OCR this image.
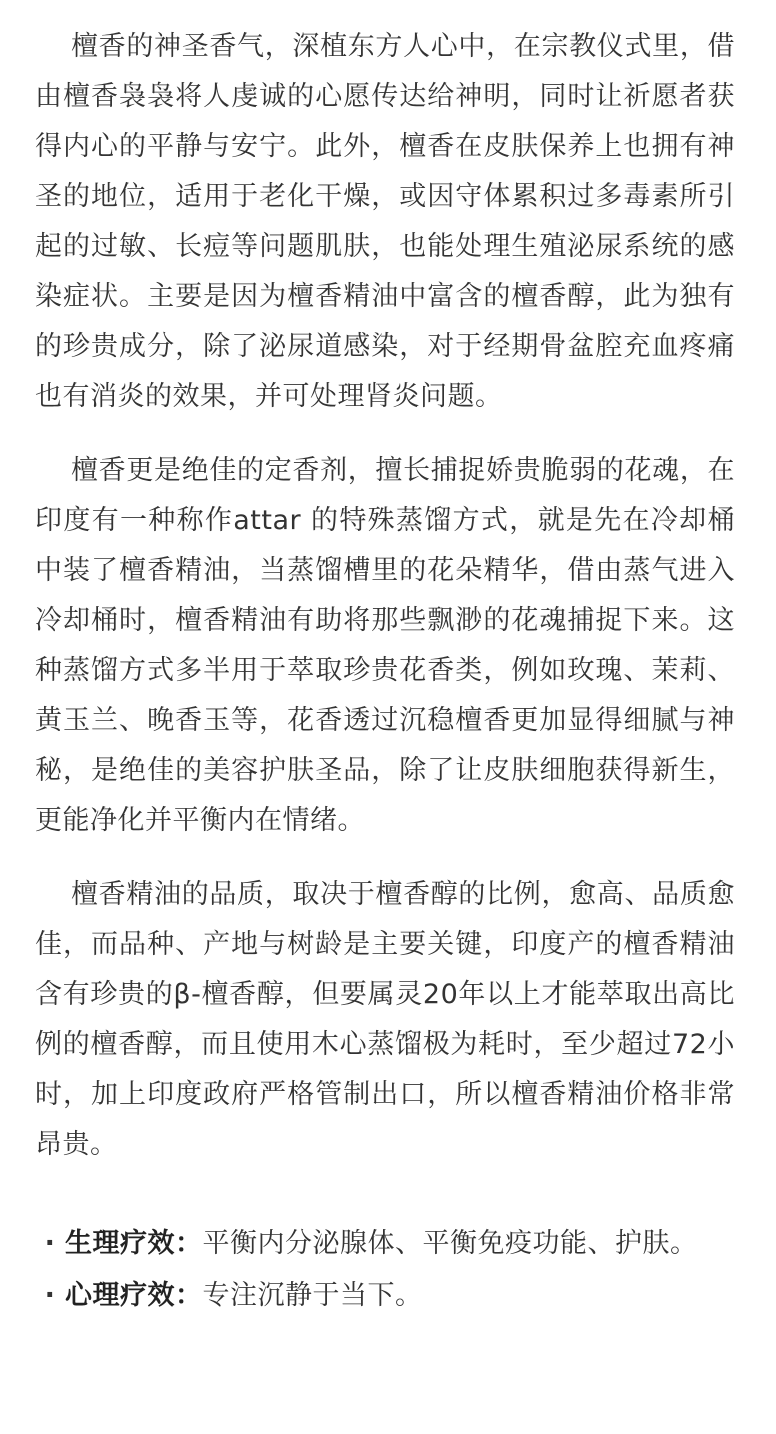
檀香的神圣香气，深植东方人心中，在宗教仪式里，借由檀香袅袅将人虔诚的心愿传达给神明，同时让祈愿者获得内心的平静与安宁。此外，檀香在皮肤保养上也拥有神圣的地位，适用于老化干燥，或因守体累积过多毒素所引起的过敏、长痘等问题肌肤，也能处理生殖泌尿系统的感染症状。主要是因为檀香精油中富含的檀香醇，此为独有的珍贵成分，除了泌尿道感染，对于经期骨盆腔充血疼痛也有消炎的效果，并可处理肾炎问题。

檀香更是绝佳的定香剂，擅长捕捉娇贵脆弱的花魂，在印度有一种称作attar 的特殊蒸馏方式，就是先在冷却桶中装了檀香精油，当蒸馏槽里的花朵精华，借由蒸气进入冷却桶时，檀香精油有助将那些飘渺的花魂捕捉下来。这种蒸馏方式多半用于萃取珍贵花香类，例如玫瑰、茉莉、黄玉兰、晚香玉等，花香透过沉稳檀香更加显得细腻与神秘，是绝佳的美容护肤圣品，除了让皮肤细胞获得新生，更能净化并平衡内在情绪。

檀香精油的品质，取决于檀香醇的比例，愈高、品质愈佳，而品种、产地与树龄是主要关键，印度产的檀香精油含有珍贵的β-檀香醇，但要属灵20年以上才能萃取出高比例的檀香醇，而且使用木心蒸馏极为耗时，至少超过72小时，加上印度政府严格管制出口，所以檀香精油价格非常昂贵。

· 生理疗效：平衡内分泌腺体、平衡免疫功能、护肤。
· 心理疗效：专注沉静于当下。
